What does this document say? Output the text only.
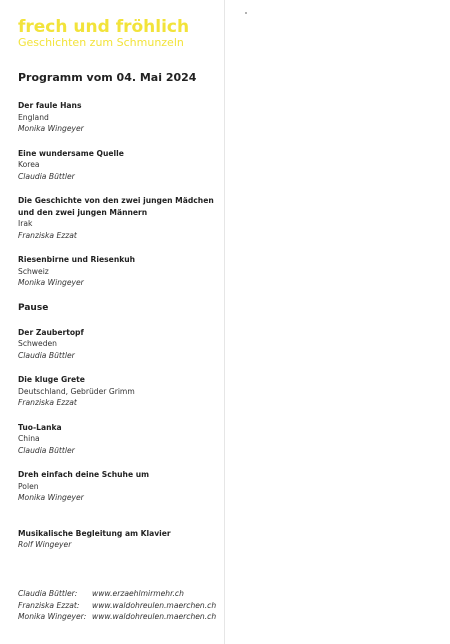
frech und fröhlich
Geschichten zum Schmunzeln
Programm vom 04. Mai 2024
Der faule Hans
England
Monika Wingeyer
Eine wundersame Quelle
Korea
Claudia Büttler
Die Geschichte von den zwei jungen Mädchen und den zwei jungen Männern
Irak
Franziska Ezzat
Riesenbirne und Riesenkuh
Schweiz
Monika Wingeyer
Pause
Der Zaubertopf
Schweden
Claudia Büttler
Die kluge Grete
Deutschland, Gebrüder Grimm
Franziska Ezzat
Tuo-Lanka
China
Claudia Büttler
Dreh einfach deine Schuhe um
Polen
Monika Wingeyer
Musikalische Begleitung am Klavier
Rolf Wingeyer
Claudia Büttler: www.erzaehlmirmehr.ch
Franziska Ezzat: www.waldohreulen.maerchen.ch
Monika Wingeyer: www.waldohreulen.maerchen.ch
